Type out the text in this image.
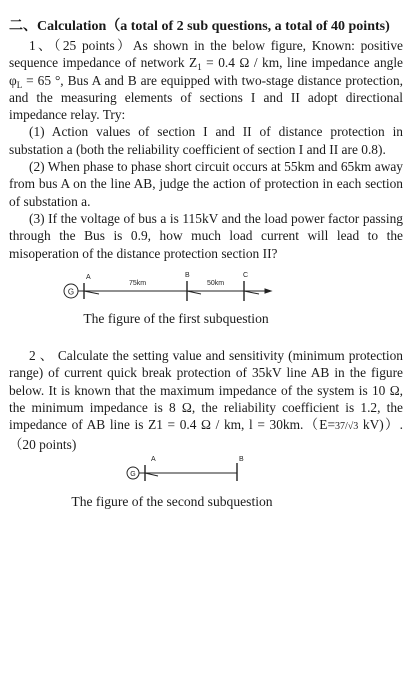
二、Calculation（a total of 2 sub questions, a total of 40 points)

1、（25 points）As shown in the below figure, Known: positive sequence impedance of network $Z_1 = 0.4$ Ω / km, line impedance angle $\varphi_L = 65$ °, Bus A and B are equipped with two-stage distance protection, and the measuring elements of sections I and II adopt directional impedance relay. Try:

(1) Action values of section I and II of distance protection in substation a (both the reliability coefficient of section I and II are 0.8).

(2) When phase to phase short circuit occurs at 55km and 65km away from bus A on the line AB, judge the action of protection in each section of substation a.

(3) If the voltage of bus a is 115kV and the load power factor passing through the Bus is 0.9, how much load current will lead to the misoperation of the distance protection section II?

G
A	B	C
75km	50km

The figure of the first subquestion

2 、 Calculate the setting value and sensitivity (minimum protection range) of current quick break protection of 35kV line AB in the figure below. It is known that the maximum impedance of the system is 10 Ω, the minimum impedance is 8 Ω, the reliability coefficient is 1.2, the impedance of AB line is Z1 = 0.4 Ω / km, l = 30km.（E=37/√3 kV)）.（20 points)

G
A	B

The figure of the second subquestion
